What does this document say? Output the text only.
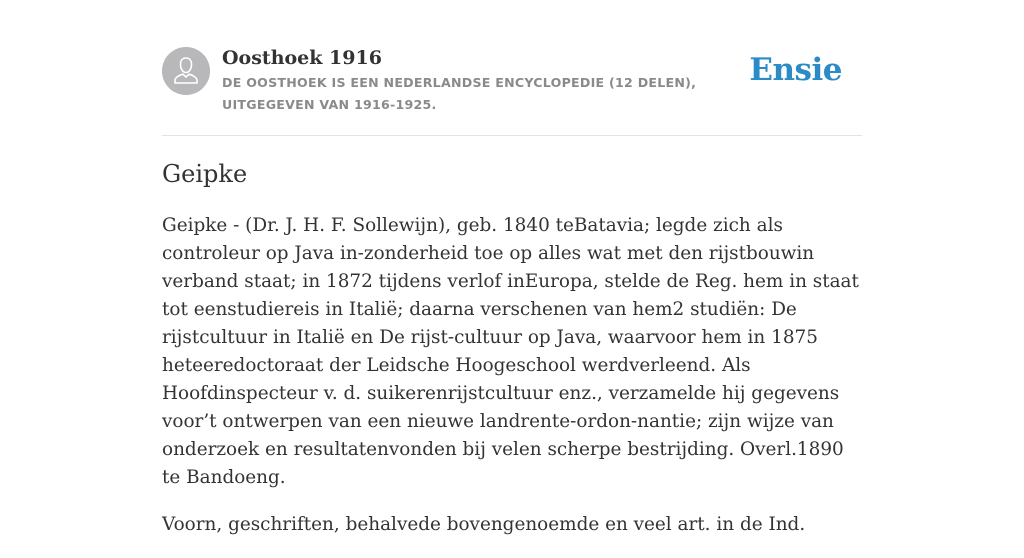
Oosthoek 1916

DE OOSTHOEK IS EEN NEDERLANDSE ENCYCLOPEDIE (12 DELEN), UITGEGEVEN VAN 1916-1925.

Ensie
Geipke

Geipke - (Dr. J. H. F. Sollewijn), geb. 1840 teBatavia; legde zich als controleur op Java in-zonderheid toe op alles wat met den rijstbouwin verband staat; in 1872 tijdens verlof inEuropa, stelde de Reg. hem in staat tot eenstudiereis in Italië; daarna verschenen van hem2 studiën: De rijstcultuur in Italië en De rijst-cultuur op Java, waarvoor hem in 1875 heteeredoctoraat der Leidsche Hoogeschool werdverleend. Als Hoofdinspecteur v. d. suikerenrijstcultuur enz., verzamelde hij gegevens voor’t ontwerpen van een nieuwe landrente-ordon-nantie; zijn wijze van onderzoek en resultatenvonden bij velen scherpe bestrijding. Overl.1890 te Bandoeng.

Voorn, geschriften, behalvede bovengenoemde en veel art. in de Ind.
